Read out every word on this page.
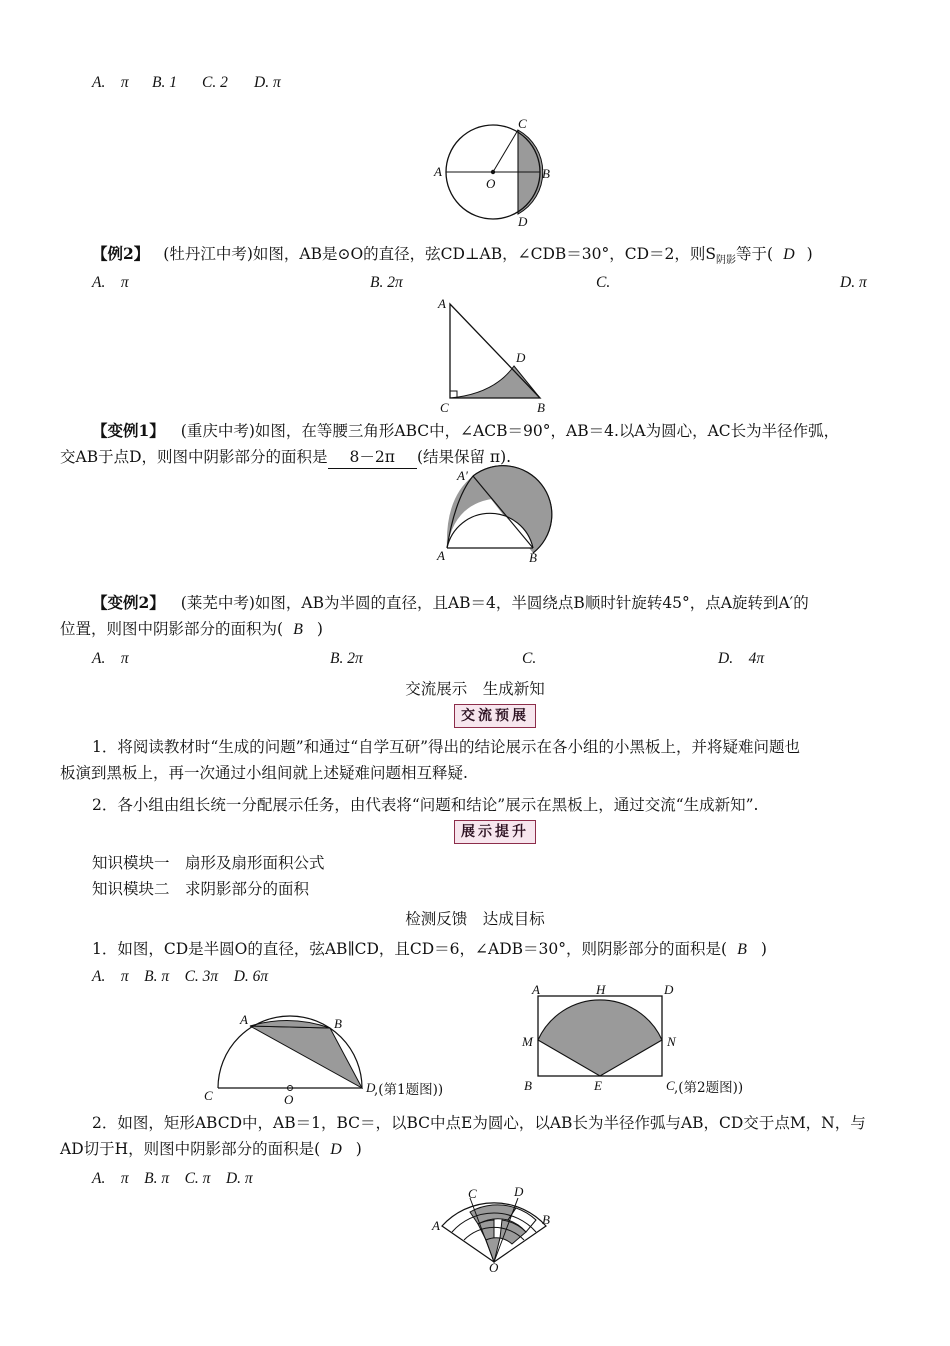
A.　π B. 1 C. 2 D. π
A
O
C
B
D
【例2】 (牡丹江中考)如图，AB是⊙O的直径，弦CD⊥AB，∠CDB＝30°，CD＝2，则$S_{阴影}$等于( D )
A.　π	B. 2π	C.	D. π
A
D
C	B
【变例1】 (重庆中考)如图，在等腰三角形ABC中，∠ACB＝90°，AB＝4.以A为圆心，AC长为半径作弧，
交AB于点D，则图中阴影部分的面积是 8－2π (结果保留 π).
A′
A	B
【变例2】 (莱芜中考)如图，AB为半圆的直径，且AB＝4，半圆绕点B顺时针旋转45°，点A旋转到A′的
位置，则图中阴影部分的面积为( B )
A.　π	B. 2π	C.	D.　4π
交流展示　生成新知
交流预展
1．将阅读教材时“生成的问题”和通过“自学互研”得出的结论展示在各小组的小黑板上，并将疑难问题也
板演到黑板上，再一次通过小组间就上述疑难问题相互释疑.
2．各小组由组长统一分配展示任务，由代表将“问题和结论”展示在黑板上，通过交流“生成新知”.
展示提升
知识模块一　扇形及扇形面积公式
知识模块二　求阴影部分的面积
检测反馈　达成目标
1．如图，CD是半圆O的直径，弦AB∥CD，且CD＝6，∠ADB＝30°，则阴影部分的面积是( B )
A.　π　B. π　C. 3π　D. 6π
A	B
C	O
D
,(第1题图))
A	H	D
M	N
B	E	C ,(第2题图))
2．如图，矩形ABCD中，AB＝1，BC＝，以BC中点E为圆心，以AB长为半径作弧与AB，CD交于点M，N，与
AD切于H，则图中阴影部分的面积是( D )
A.　π　B. π　C. π　D. π
C	D
A	B
O
